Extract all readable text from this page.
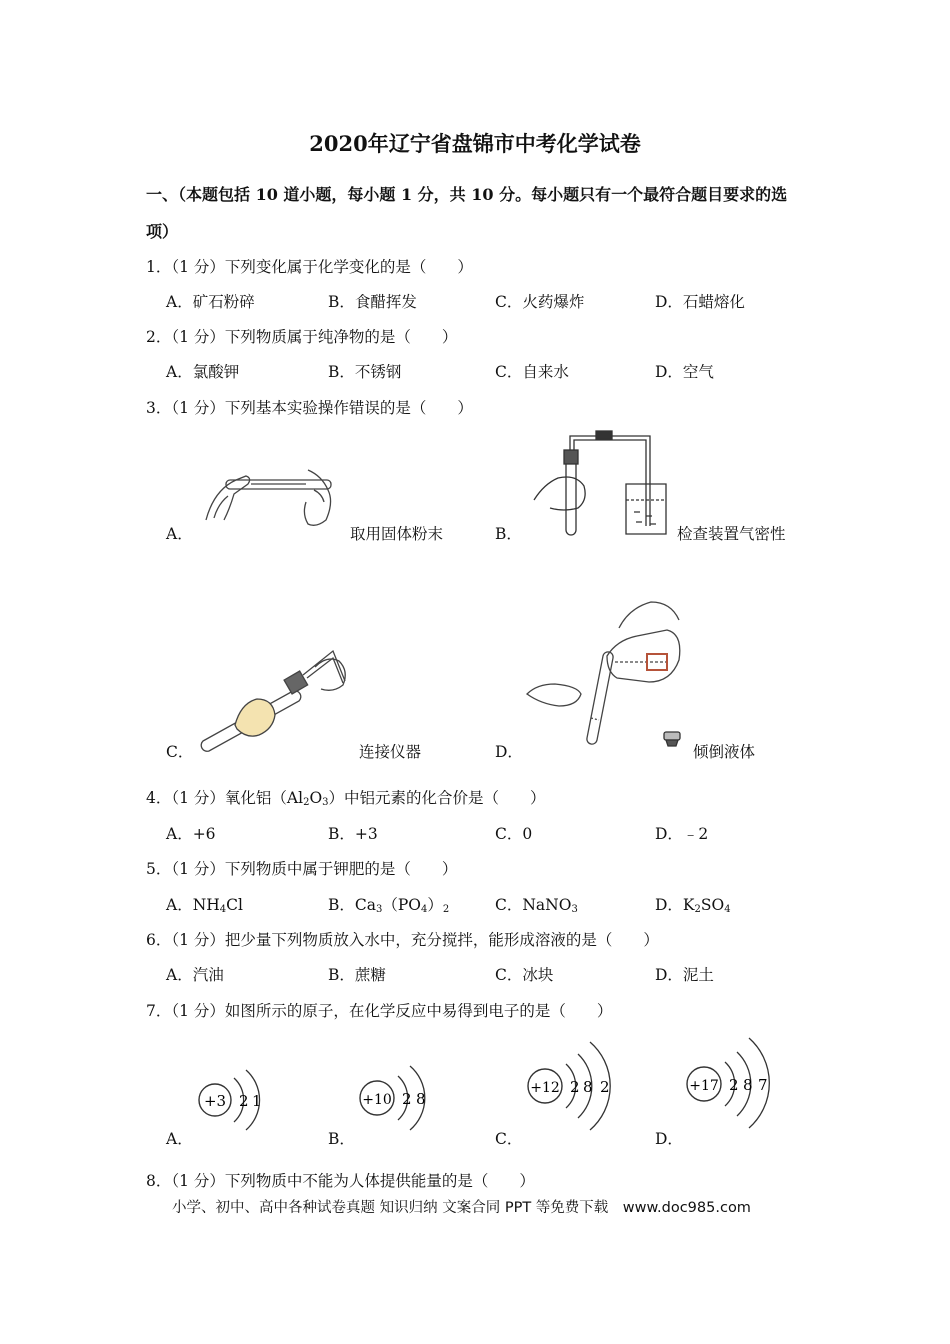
2020年辽宁省盘锦市中考化学试卷
一、（本题包括 10 道小题，每小题 1 分，共 10 分。每小题只有一个最符合题目要求的选
项）
1．（1 分）下列变化属于化学变化的是（　　）
A．矿石粉碎	B．食醋挥发	C．火药爆炸	D．石蜡熔化
2．（1 分）下列物质属于纯净物的是（　　）
A．氯酸钾	B．不锈钢	C．自来水	D．空气
3．（1 分）下列基本实验操作错误的是（　　）
A．	取用固体粉末	B．	检查装置气密性
C．	连接仪器	D．	倾倒液体
4．（1 分）氧化铝$(Al_2O_3)$中铝元素的化合价是（　　）
A．+6	B．+3	C．0	D．﹣2
5．（1 分）下列物质中属于钾肥的是（　　）
A．$NH_4Cl$	B．$Ca_3(PO_4)_2$	C．NaNO$_3$	D．$K_2SO_4$
6．（1 分）把少量下列物质放入水中，充分搅拌，能形成溶液的是（　　）
A．汽油	B．蔗糖	C．冰块	D．泥土
7．（1 分）如图所示的原子，在化学反应中易得到电子的是（　　）
+3 2 1
A．
+10 2 8
B．
+12 2 8 2
C．
+17 2 8 7
D．
8．（1 分）下列物质中不能为人体提供能量的是（　　）
小学、初中、高中各种试卷真题 知识归纳 文案合同 PPT 等免费下载　www.doc985.com
